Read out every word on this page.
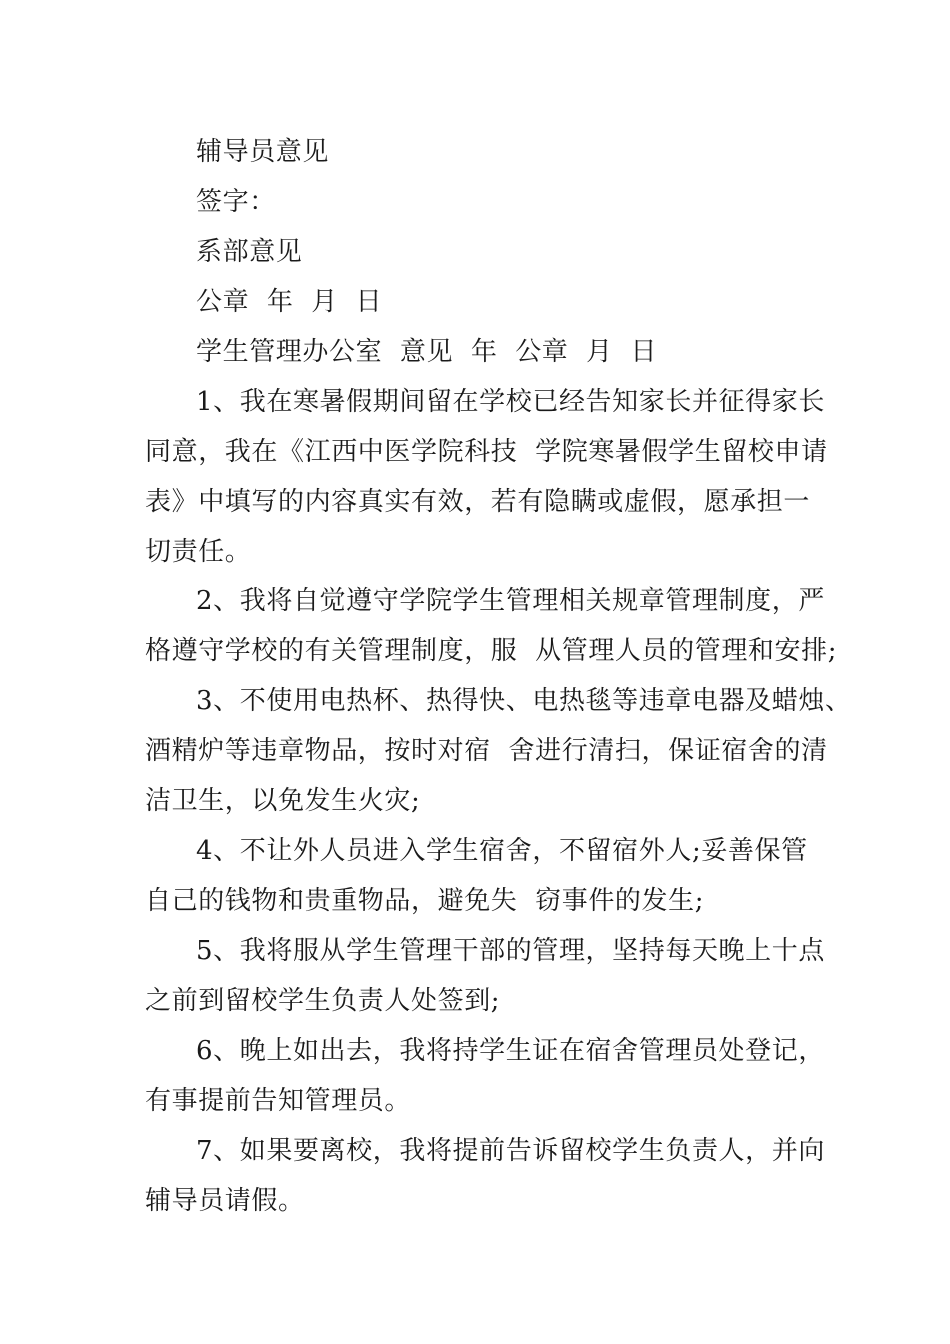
辅导员意见
签字：
系部意见
公章  年  月  日
学生管理办公室  意见  年  公章  月  日
1、我在寒暑假期间留在学校已经告知家长并征得家长
同意，我在《江西中医学院科技  学院寒暑假学生留校申请
表》中填写的内容真实有效，若有隐瞒或虚假，愿承担一
切责任。
2、我将自觉遵守学院学生管理相关规章管理制度，严
格遵守学校的有关管理制度，服  从管理人员的管理和安排;
3、不使用电热杯、热得快、电热毯等违章电器及蜡烛、
酒精炉等违章物品，按时对宿  舍进行清扫，保证宿舍的清
洁卫生，以免发生火灾;
4、不让外人员进入学生宿舍，不留宿外人;妥善保管
自己的钱物和贵重物品，避免失  窃事件的发生;
5、我将服从学生管理干部的管理，坚持每天晚上十点
之前到留校学生负责人处签到;
6、晚上如出去，我将持学生证在宿舍管理员处登记，
有事提前告知管理员。
7、如果要离校，我将提前告诉留校学生负责人，并向
辅导员请假。
